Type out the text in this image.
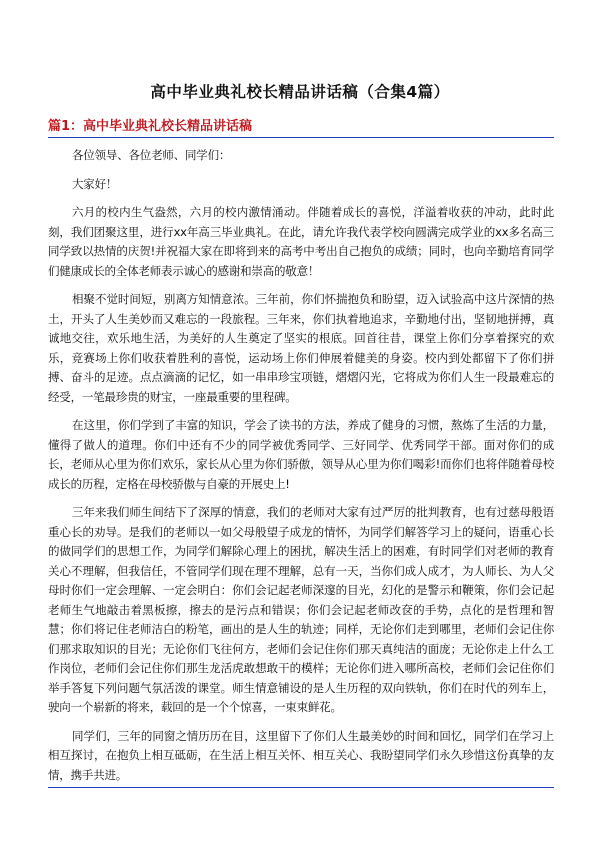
高中毕业典礼校长精品讲话稿（合集4篇）
篇1：高中毕业典礼校长精品讲话稿

各位领导、各位老师、同学们：

大家好！

六月的校内生气盎然，六月的校内激情涌动。伴随着成长的喜悦，洋溢着收获的冲动，此时此刻，我们团聚这里，进行xx年高三毕业典礼。在此，请允许我代表学校向圆满完成学业的xx多名高三同学致以热情的庆贺!并祝福大家在即将到来的高考中考出自己抱负的成绩；同时，也向辛勤培育同学们健康成长的全体老师表示诚心的感谢和崇高的敬意！

相聚不觉时间短，别离方知情意浓。三年前，你们怀揣抱负和盼望，迈入试验高中这片深情的热土，开头了人生美妙而又难忘的一段旅程。三年来，你们执着地追求，辛勤地付出，坚韧地拼搏，真诚地交往，欢乐地生活，为美好的人生奠定了坚实的根底。回首往昔，课堂上你们分享着探究的欢乐，竞赛场上你们收获着胜利的喜悦，运动场上你们伸展着健美的身姿。校内到处都留下了你们拼搏、奋斗的足迹。点点滴滴的记忆，如一串串珍宝项链，熠熠闪光，它将成为你们人生一段最难忘的经受，一笔最珍贵的财宝，一座最重要的里程碑。

在这里，你们学到了丰富的知识，学会了读书的方法，养成了健身的习惯，熬炼了生活的力量，懂得了做人的道理。你们中还有不少的同学被优秀同学、三好同学、优秀同学干部。面对你们的成长，老师从心里为你们欢乐，家长从心里为你们骄傲，领导从心里为你们喝彩!而你们也将伴随着母校成长的历程，定格在母校骄傲与自豪的开展史上!

三年来我们师生间结下了深厚的情意，我们的老师对大家有过严厉的批判教育，也有过慈母般语重心长的劝导。是我们的老师以一如父母般望子成龙的情怀，为同学们解答学习上的疑问，语重心长的做同学们的思想工作，为同学们解除心理上的困扰，解决生活上的困难，有时同学们对老师的教育关心不理解，但我信任，不管同学们现在理不理解，总有一天，当你们成人成才，为人师长、为人父母时你们一定会理解、一定会明白：你们会记起老师深邃的目光，幻化的是警示和鞭策，你们会记起老师生气地敲击着黑板擦，擦去的是污点和错误；你们会记起老师改奁的手势，点化的是哲理和智慧；你们将记住老师洁白的粉笔，画出的是人生的轨迹；同样，无论你们走到哪里，老师们会记住你们那求取知识的目光；无论你们飞往何方，老师们会记住你们那天真纯洁的面庞；无论你走上什么工作岗位，老师们会记住你们那生龙活虎敢想敢干的模样；无论你们进入哪所高校，老师们会记住你们举手答复下列问题气氛活泼的课堂。师生情意铺设的是人生历程的双向铁轨，你们在时代的列车上，驶向一个崭新的将来，载回的是一个个惊喜，一束束鲜花。

同学们，三年的同窗之情历历在目，这里留下了你们人生最美妙的时间和回忆，同学们在学习上相互探讨，在抱负上相互砥砺，在生活上相互关怀、相互关心、我盼望同学们永久珍惜这份真挚的友情，携手共进。
